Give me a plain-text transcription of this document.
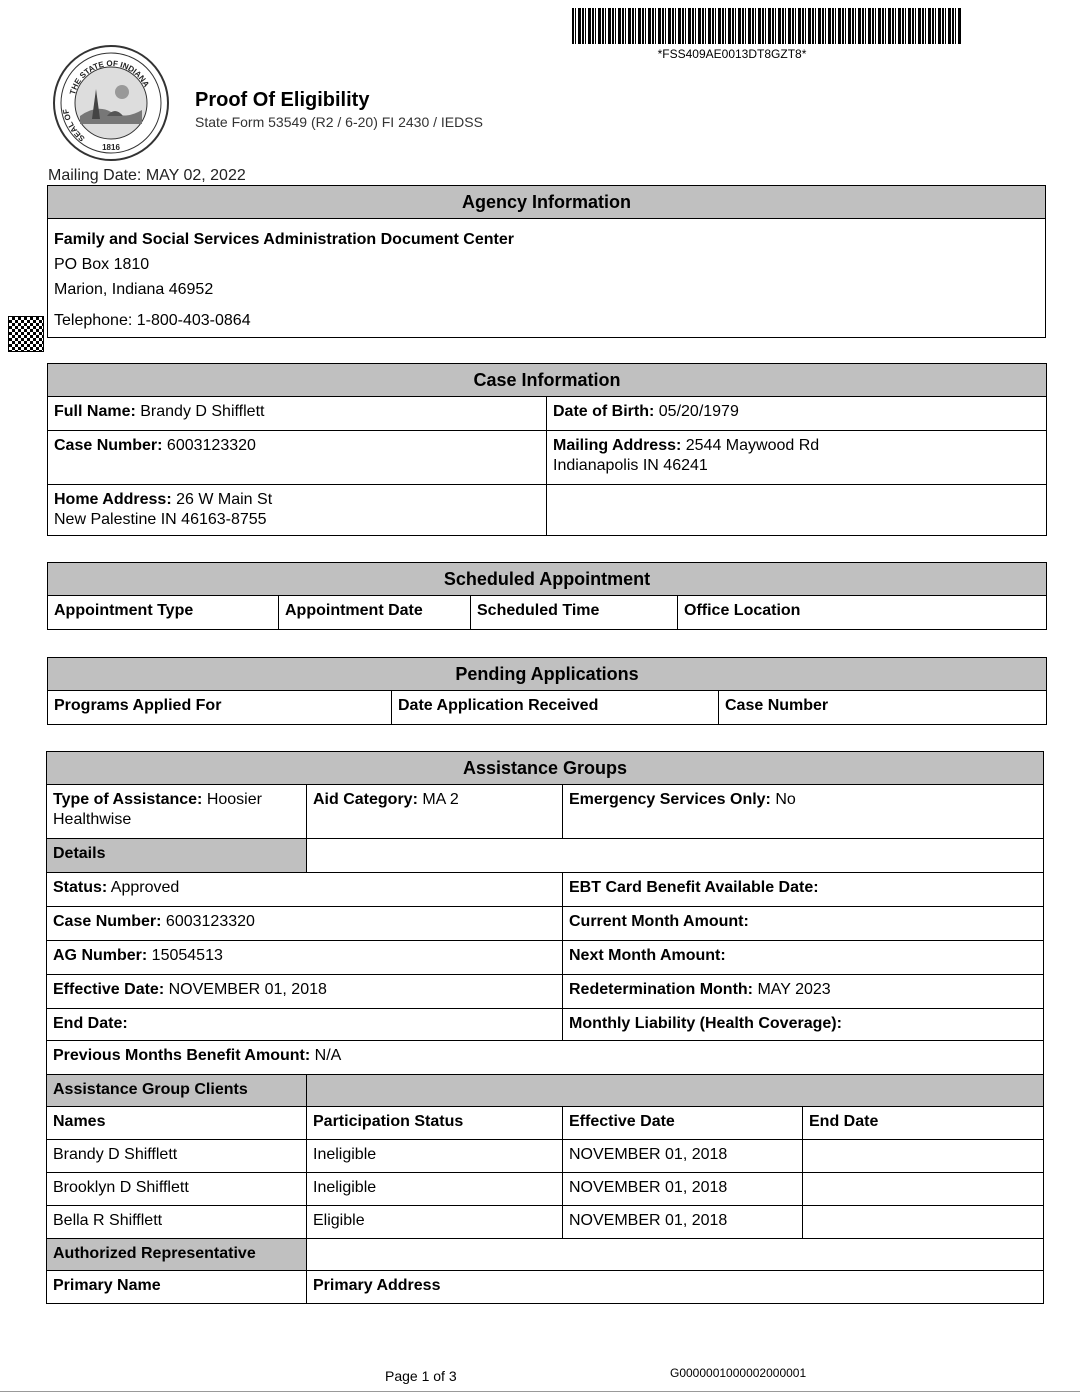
*FSS409AE0013DT8GZT8*
THE STATE OF INDIANA
SEAL OF
1816
Proof Of Eligibility
State Form 53549 (R2 / 6-20) FI 2430 / IEDSS
Mailing Date: MAY 02, 2022
Agency Information

Family and Social Services Administration Document Center
PO Box 1810
Marion, Indiana 46952
Telephone: 1-800-403-0864
Case Information	
Full Name: Brandy D Shifflett	Date of Birth: 05/20/1979
Case Number: 6003123320	Mailing Address: 2544 Maywood Rd
Indianapolis IN 46241
Home Address: 26 W Main St
New Palestine IN 46163-8755	
Scheduled Appointment
Appointment Type	Appointment Date	Scheduled Time	Office Location
Pending Applications
Programs Applied For	Date Application Received	Case Number
Assistance Groups			
Type of Assistance: Hoosier Healthwise	Aid Category: MA 2	Emergency Services Only: No	
Details			
Status: Approved		EBT Card Benefit Available Date:	
Case Number: 6003123320		Current Month Amount:	
AG Number: 15054513		Next Month Amount:	
Effective Date: NOVEMBER 01, 2018		Redetermination Month: MAY 2023	
End Date:		Monthly Liability (Health Coverage):	
Previous Months Benefit Amount: N/A			
Assistance Group Clients			
Names	Participation Status	Effective Date	End Date
Brandy D Shifflett	Ineligible	NOVEMBER 01, 2018	
Brooklyn D Shifflett	Ineligible	NOVEMBER 01, 2018	
Bella R Shifflett	Eligible	NOVEMBER 01, 2018	
Authorized Representative			
Primary Name	Primary Address		
Page 1 of 3	G0000001000002000001
